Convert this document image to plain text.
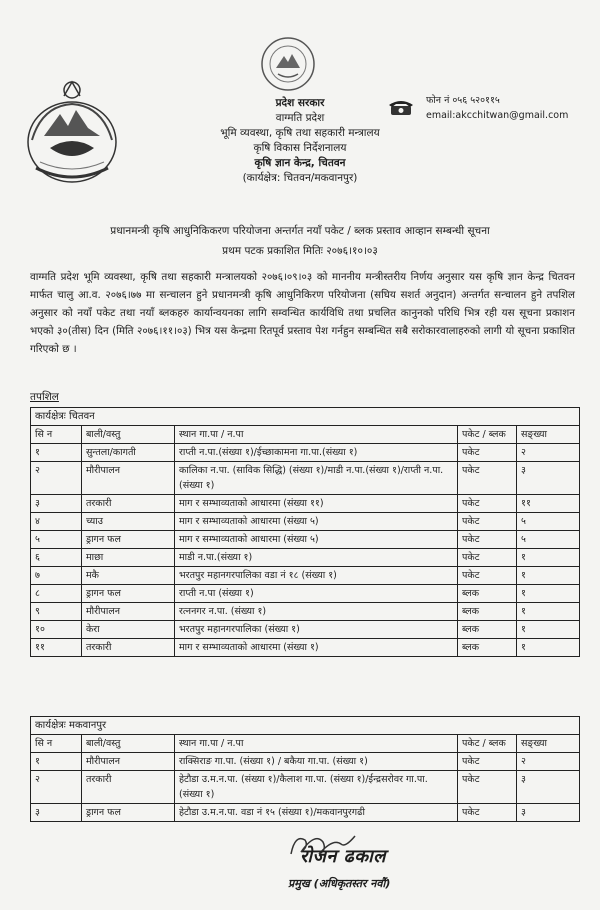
प्रदेश सरकार
वाग्मति प्रदेश
भूमि व्यवस्था, कृषि तथा सहकारी मन्त्रालय
कृषि विकास निर्देशनालय
कृषि ज्ञान केन्द्र, चितवन
(कार्यक्षेत्र: चितवन/मकवानपुर)
फोन नं ०५६ ५२०११५
email:akcchitwan@gmail.com
प्रधानमन्त्री कृषि आधुनिकिकरण परियोजना अन्तर्गत नयाँ पकेट / ब्लक प्रस्ताव आव्हान सम्बन्धी सूचना
प्रथम पटक प्रकाशित मितिः २०७६।१०।०३
वाग्मति प्रदेश भूमि व्यवस्था, कृषि तथा सहकारी मन्त्रालयको २०७६।०९।०३ को माननीय मन्त्रीस्तरीय निर्णय अनुसार यस कृषि ज्ञान केन्द्र चितवन मार्फत चालु आ.व. २०७६।७७ मा सन्चालन हुने प्रधानमन्त्री कृषि आधुनिकिरण परियोजना (सघिय सशर्त अनुदान) अन्तर्गत सन्चालन हुने तपशिल अनुसार को नयाँ पकेट तथा नयाँ ब्लकहरु कार्यान्वयनका लागि सम्वन्धित कार्यविधि तथा प्रचलित कानुनको परिधि भित्र रही यस सूचना प्रकाशन भएको ३०(तीस) दिन (मिति २०७६।११।०३) भित्र यस केन्द्रमा रितपूर्व प्रस्ताव पेश गर्नहुन सम्बन्धित सबै सरोकारवालाहरुको लागी यो सूचना प्रकाशित गरिएको छ ।
तपशिल
कार्यक्षेत्रः चितवन				
सि न	बाली/वस्तु	स्थान गा.पा / न.पा	पकेट / ब्लक	सङ्ख्या
१	सुन्तला/कागती	राप्ती न.पा.(संख्या १)/ईच्छाकामना गा.पा.(संख्या १)	पकेट	२
२	मौरीपालन	कालिका न.पा. (साविक सिद्धि) (संख्या १)/माडी न.पा.(संख्या १)/राप्ती न.पा.(संख्या १)	पकेट	३
३	तरकारी	माग र सम्भाव्यताको आधारमा (संख्या ११)	पकेट	११
४	च्याउ	माग र सम्भाव्यताको आधारमा (संख्या ५)	पकेट	५
५	ड्रागन फल	माग र सम्भाव्यताको आधारमा (संख्या ५)	पकेट	५
६	माछा	माडी न.पा.(संख्या १)	पकेट	१
७	मकै	भरतपुर महानगरपालिका वडा नं १८ (संख्या १)	पकेट	१
८	ड्रागन फल	राप्ती न.पा (संख्या १)	ब्लक	१
९	मौरीपालन	रत्ननगर न.पा. (संख्या १)	ब्लक	१
१०	केरा	भरतपुर महानगरपालिका (संख्या १)	ब्लक	१
११	तरकारी	माग र सम्भाव्यताको आधारमा (संख्या १)	ब्लक	१
कार्यक्षेत्रः मकवानपुर				
सि न	बाली/वस्तु	स्थान गा.पा / न.पा	पकेट / ब्लक	सङ्ख्या
१	मौरीपालन	राक्सिराङ गा.पा. (संख्या १) / बकैया गा.पा. (संख्या १)	पकेट	२
२	तरकारी	हेटौडा उ.म.न.पा. (संख्या १)/कैलाश गा.पा. (संख्या १)/ईन्द्रसरोवर गा.पा. (संख्या १)	पकेट	३
३	ड्रागन फल	हेटौडा उ.म.न.पा. वडा नं १५ (संख्या १)/मकवानपुरगढी	पकेट	३
रोजन ढकाल
प्रमुख (अधिकृतस्तर नवौं)
